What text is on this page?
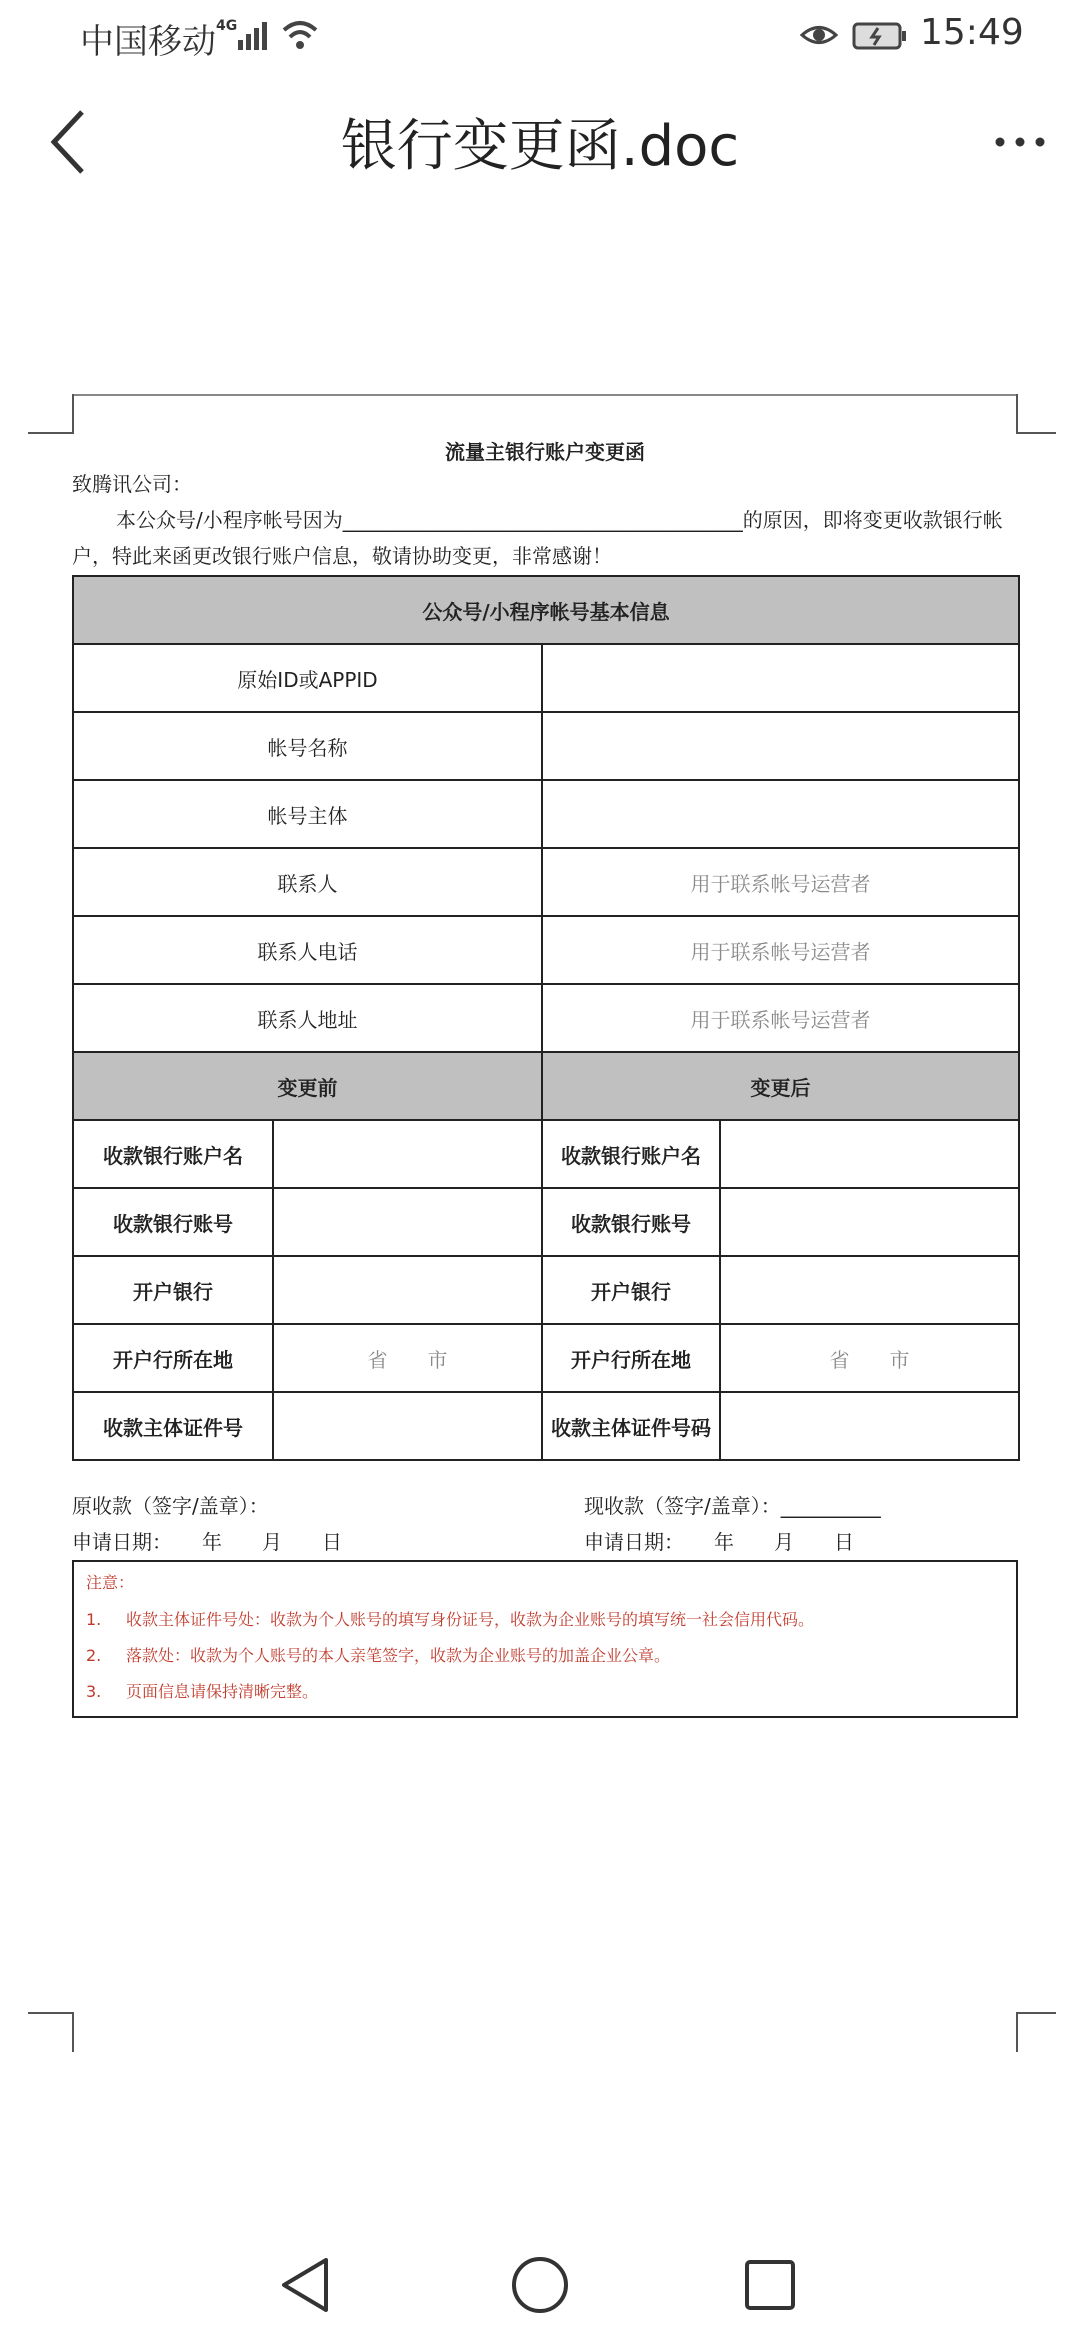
中国移动 4G	15:49
银行变更函.doc
流量主银行账户变更函
致腾讯公司：
本公众号/小程序帐号因为________________________________________的原因，即将变更收款银行帐户，特此来函更改银行账户信息，敬请协助变更，非常感谢！
公众号/小程序帐号基本信息			
原始ID或APPID			
帐号名称			
帐号主体			
联系人		用于联系帐号运营者	
联系人电话		用于联系帐号运营者	
联系人地址		用于联系帐号运营者	
变更前		变更后	
收款银行账户名		收款银行账户名	
收款银行账号		收款银行账号	
开户银行		开户银行	
开户行所在地	省　　市	开户行所在地	省　　市
收款主体证件号		收款主体证件号码	
原收款（签字/盖章）：	现收款（签字/盖章）：__________
申请日期：　　年　　月　　日	申请日期：　　年　　月　　日
注意：
1. 收款主体证件号处：收款为个人账号的填写身份证号，收款为企业账号的填写统一社会信用代码。
2. 落款处：收款为个人账号的本人亲笔签字，收款为企业账号的加盖企业公章。
3. 页面信息请保持清晰完整。
